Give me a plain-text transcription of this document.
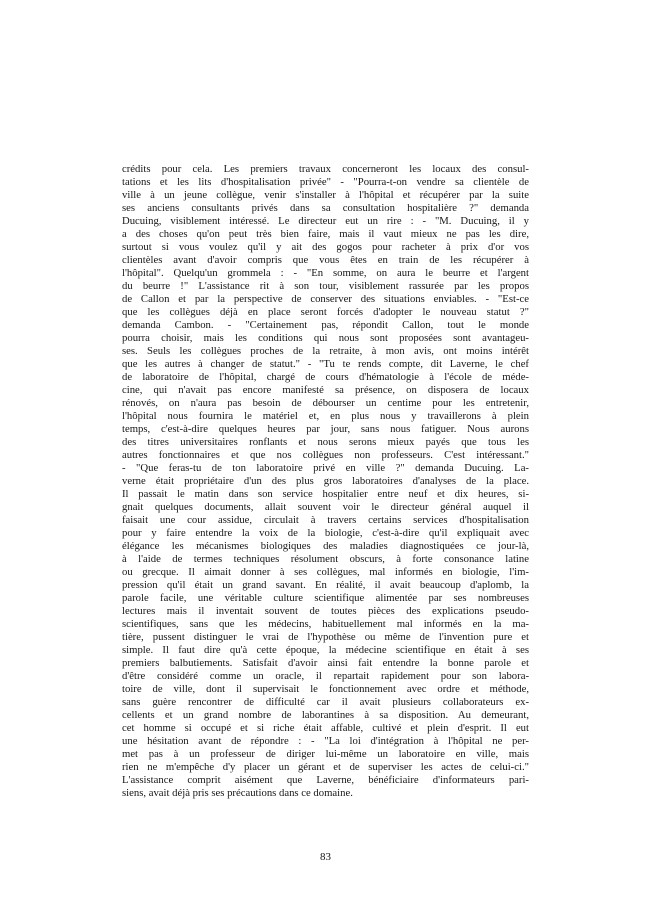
crédits pour cela. Les premiers travaux concerneront les locaux des consul-
tations et les lits d'hospitalisation privée" - "Pourra-t-on vendre sa clientèle de
ville à un jeune collègue, venir s'installer à l'hôpital et récupérer par la suite
ses anciens consultants privés dans sa consultation hospitalière ?" demanda
Ducuing, visiblement intéressé. Le directeur eut un rire : - "M. Ducuing, il y
a des choses qu'on peut très bien faire, mais il vaut mieux ne pas les dire,
surtout si vous voulez qu'il y ait des gogos pour racheter à prix d'or vos
clientèles avant d'avoir compris que vous êtes en train de les récupérer à
l'hôpital". Quelqu'un grommela : - "En somme, on aura le beurre et l'argent
du beurre !" L'assistance rit à son tour, visiblement rassurée par les propos
de Callon et par la perspective de conserver des situations enviables. - "Est-ce
que les collègues déjà en place seront forcés d'adopter le nouveau statut ?"
demanda Cambon. - "Certainement pas, répondit Callon, tout le monde
pourra choisir, mais les conditions qui nous sont proposées sont avantageu-
ses. Seuls les collègues proches de la retraite, à mon avis, ont moins intérêt
que les autres à changer de statut." - "Tu te rends compte, dit Laverne, le chef
de laboratoire de l'hôpital, chargé de cours d'hématologie à l'école de méde-
cine, qui n'avait pas encore manifesté sa présence, on disposera de locaux
rénovés, on n'aura pas besoin de débourser un centime pour les entretenir,
l'hôpital nous fournira le matériel et, en plus nous y travaillerons à plein
temps, c'est-à-dire quelques heures par jour, sans nous fatiguer. Nous aurons
des titres universitaires ronflants et nous serons mieux payés que tous les
autres fonctionnaires et que nos collègues non professeurs. C'est intéressant."
- "Que feras-tu de ton laboratoire privé en ville ?" demanda Ducuing. La-
verne était propriétaire d'un des plus gros laboratoires d'analyses de la place.
Il passait le matin dans son service hospitalier entre neuf et dix heures, si-
gnait quelques documents, allait souvent voir le directeur général auquel il
faisait une cour assidue, circulait à travers certains services d'hospitalisation
pour y faire entendre la voix de la biologie, c'est-à-dire qu'il expliquait avec
élégance les mécanismes biologiques des maladies diagnostiquées ce jour-là,
à l'aide de termes techniques résolument obscurs, à forte consonance latine
ou grecque. Il aimait donner à ses collègues, mal informés en biologie, l'im-
pression qu'il était un grand savant. En réalité, il avait beaucoup d'aplomb, la
parole facile, une véritable culture scientifique alimentée par ses nombreuses
lectures mais il inventait souvent de toutes pièces des explications pseudo-
scientifiques, sans que les médecins, habituellement mal informés en la ma-
tière, pussent distinguer le vrai de l'hypothèse ou même de l'invention pure et
simple. Il faut dire qu'à cette époque, la médecine scientifique en était à ses
premiers balbutiements. Satisfait d'avoir ainsi fait entendre la bonne parole et
d'être considéré comme un oracle, il repartait rapidement pour son labora-
toire de ville, dont il supervisait le fonctionnement avec ordre et méthode,
sans guère rencontrer de difficulté car il avait plusieurs collaborateurs ex-
cellents et un grand nombre de laborantines à sa disposition. Au demeurant,
cet homme si occupé et si riche était affable, cultivé et plein d'esprit. Il eut
une hésitation avant de répondre : - "La loi d'intégration à l'hôpital ne per-
met pas à un professeur de diriger lui-même un laboratoire en ville, mais
rien ne m'empêche d'y placer un gérant et de superviser les actes de celui-ci."
L'assistance comprit aisément que Laverne, bénéficiaire d'informateurs pari-
siens, avait déjà pris ses précautions dans ce domaine.
83
